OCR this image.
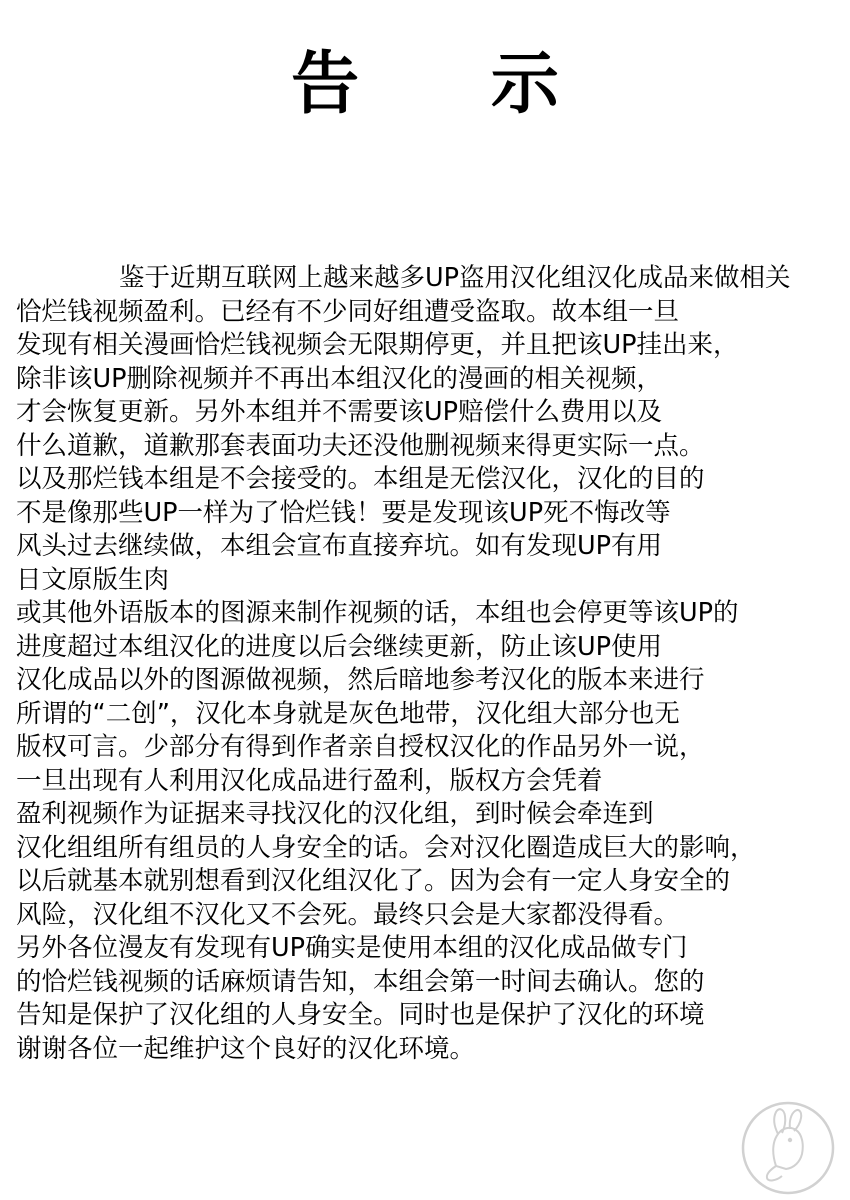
告 示
　　鉴于近期互联网上越来越多UP盗用汉化组汉化成品来做相关
恰烂钱视频盈利。已经有不少同好组遭受盗取。故本组一旦
发现有相关漫画恰烂钱视频会无限期停更，并且把该UP挂出来，
除非该UP删除视频并不再出本组汉化的漫画的相关视频，
才会恢复更新。另外本组并不需要该UP赔偿什么费用以及
什么道歉，道歉那套表面功夫还没他删视频来得更实际一点。
以及那烂钱本组是不会接受的。本组是无偿汉化，汉化的目的
不是像那些UP一样为了恰烂钱！要是发现该UP死不悔改等
风头过去继续做，本组会宣布直接弃坑。如有发现UP有用
日文原版生肉
或其他外语版本的图源来制作视频的话，本组也会停更等该UP的
进度超过本组汉化的进度以后会继续更新，防止该UP使用
汉化成品以外的图源做视频，然后暗地参考汉化的版本来进行
所谓的“二创”，汉化本身就是灰色地带，汉化组大部分也无
版权可言。少部分有得到作者亲自授权汉化的作品另外一说，
一旦出现有人利用汉化成品进行盈利，版权方会凭着
盈利视频作为证据来寻找汉化的汉化组，到时候会牵连到
汉化组组所有组员的人身安全的话。会对汉化圈造成巨大的影响，
以后就基本就别想看到汉化组汉化了。因为会有一定人身安全的
风险，汉化组不汉化又不会死。最终只会是大家都没得看。
另外各位漫友有发现有UP确实是使用本组的汉化成品做专门
的恰烂钱视频的话麻烦请告知，本组会第一时间去确认。您的
告知是保护了汉化组的人身安全。同时也是保护了汉化的环境
谢谢各位一起维护这个良好的汉化环境。
